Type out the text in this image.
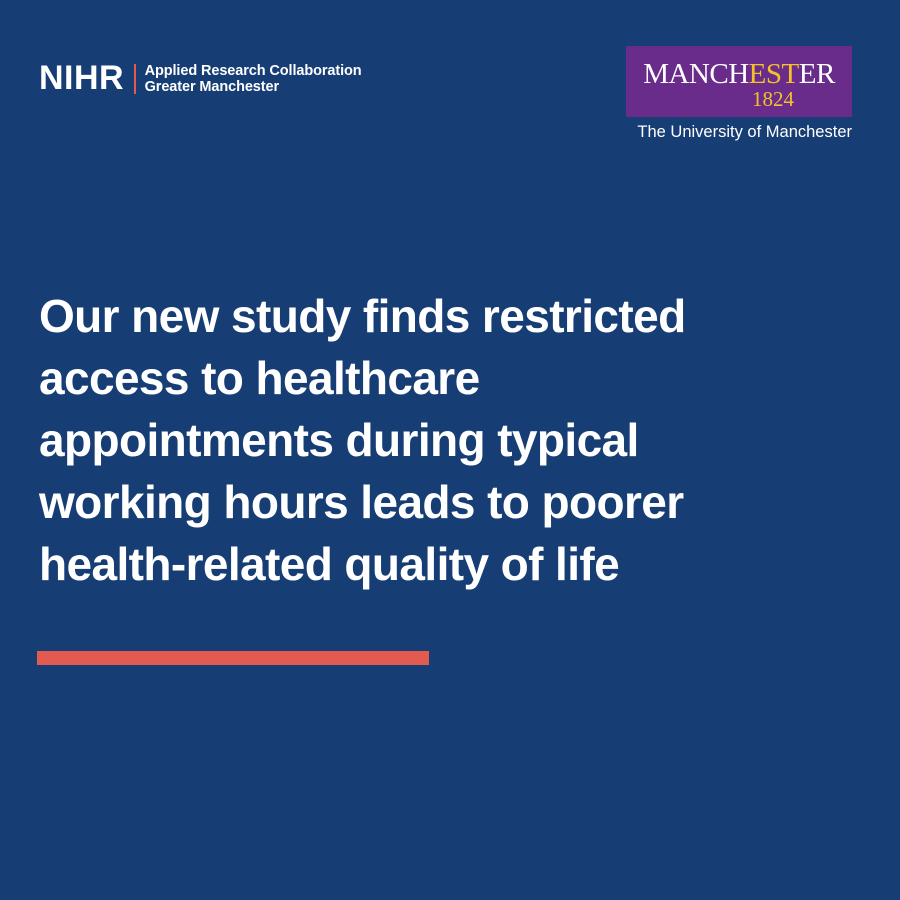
NIHR Applied Research Collaboration
Greater Manchester	MANCHESTER
1824
The University of Manchester
Our new study finds restricted
access to healthcare
appointments during typical
working hours leads to poorer
health-related quality of life
